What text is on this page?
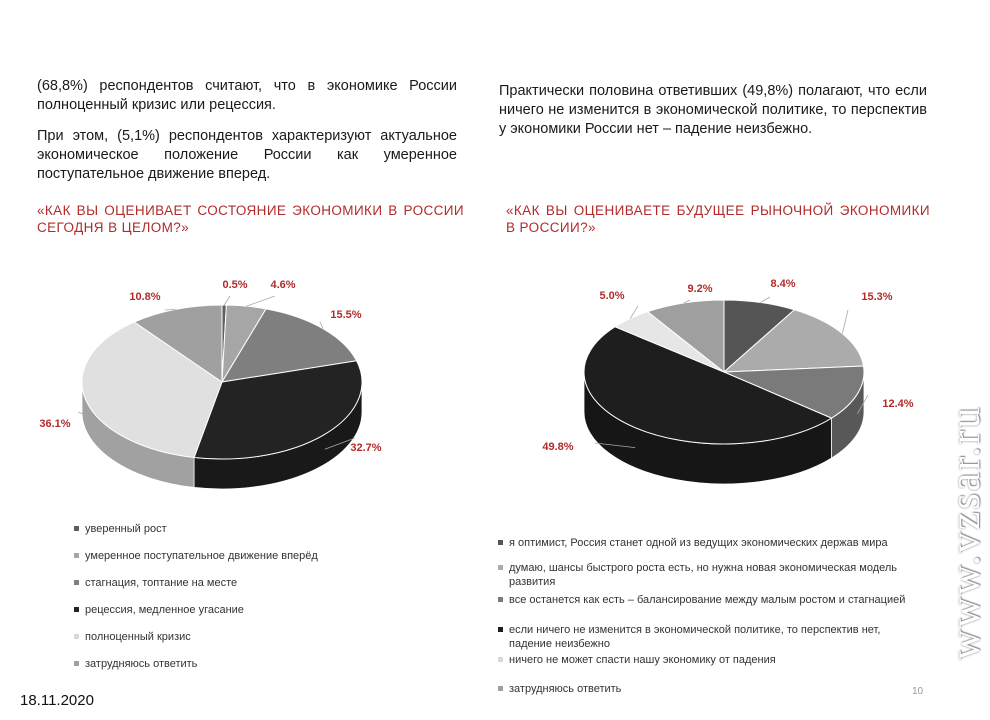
(68,8%) респондентов считают, что в экономике России полноценный кризис или рецессия.

При этом, (5,1%) респондентов характеризуют актуальное экономическое положение России как умеренное поступательное движение вперед.

Практически половина ответивших (49,8%) полагают, что если ничего не изменится в экономической политике, то перспектив у экономики России нет – падение неизбежно.

«КАК ВЫ ОЦЕНИВАЕТ СОСТОЯНИЕ ЭКОНОМИКИ В РОССИИ СЕГОДНЯ В ЦЕЛОМ?»
«КАК ВЫ ОЦЕНИВАЕТЕ БУДУЩЕЕ РЫНОЧНОЙ ЭКОНОМИКИ В РОССИИ?»
0.5% 4.6%
15.5%
32.7%
36.1%
10.8%
8.4%
15.3%
12.4%
49.8%
5.0%
9.2%
уверенный рост
умеренное поступательное движение вперёд
стагнация, топтание на месте
рецессия, медленное угасание
полноценный кризис
затрудняюсь ответить
я оптимист, Россия станет одной из ведущих экономических держав мира
думаю, шансы быстрого роста есть, но нужна новая экономическая модель развития
все останется как есть – балансирование между малым ростом и стагнацией
если ничего не изменится в экономической политике, то перспектив нет, падение неизбежно
ничего не может спасти нашу экономику от падения
затрудняюсь ответить
18.11.2020
10
www.vzsar.ru
